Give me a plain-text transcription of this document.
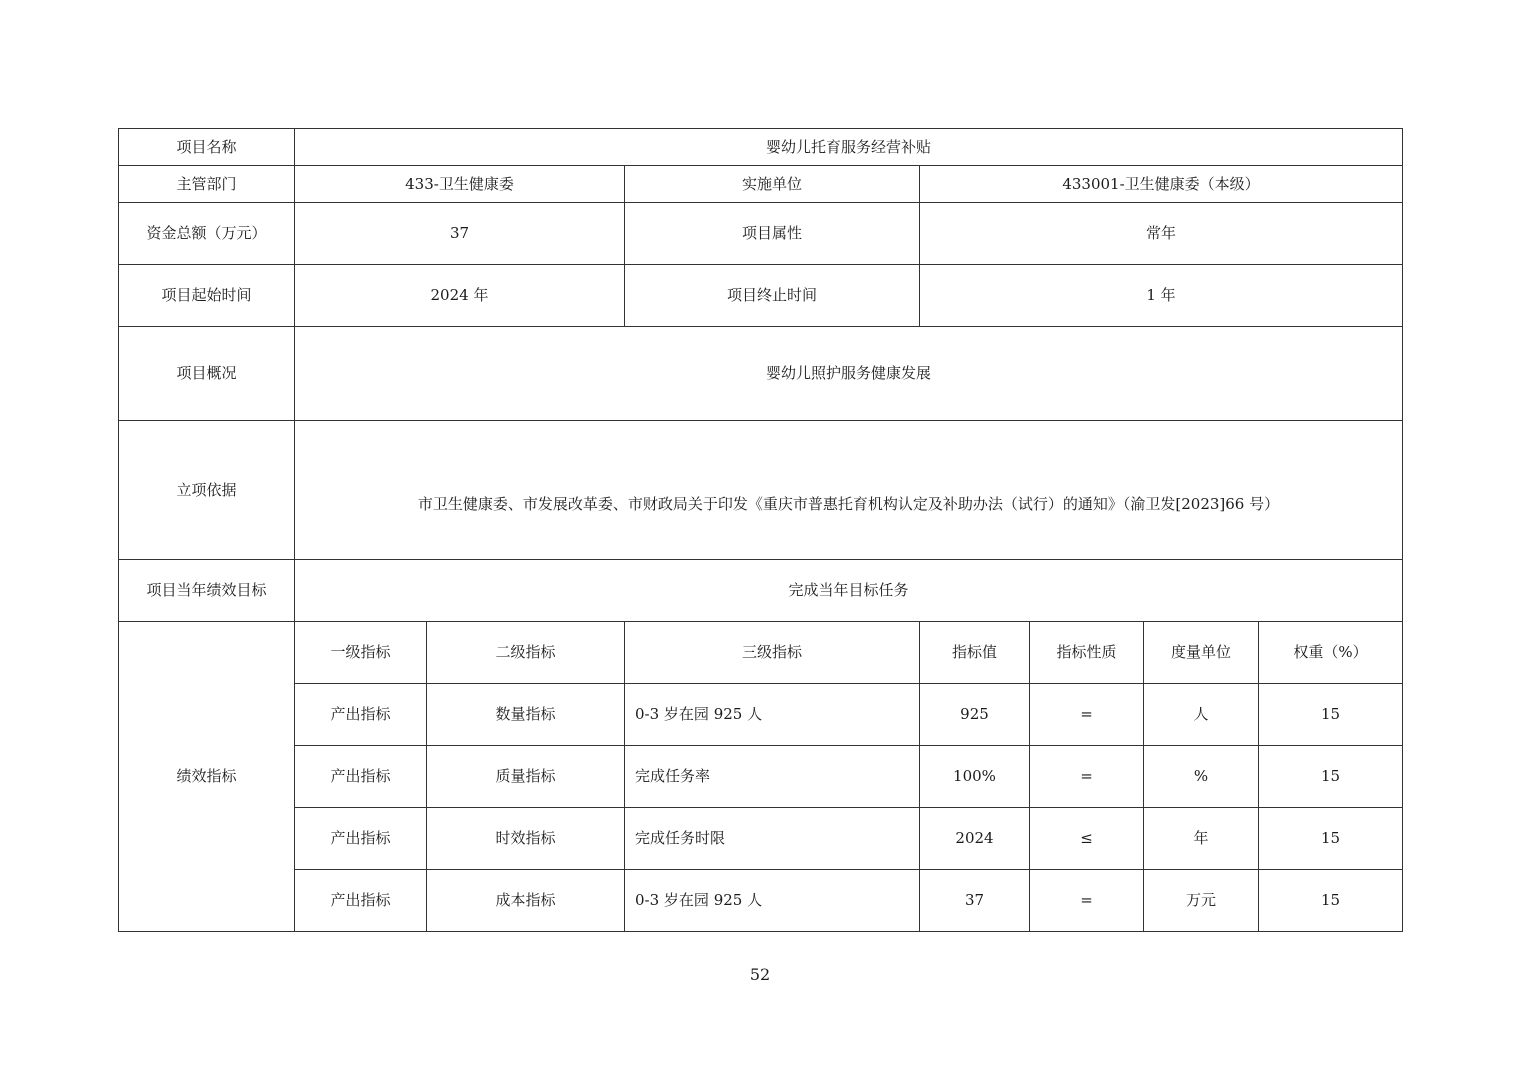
项目名称	婴幼儿托育服务经营补贴						
主管部门	433-卫生健康委		实施单位	433001-卫生健康委（本级）			
资金总额（万元）	37		项目属性	常年			
项目起始时间	2024 年		项目终止时间	1 年			
项目概况	婴幼儿照护服务健康发展						
立项依据	市卫生健康委、市发展改革委、市财政局关于印发《重庆市普惠托育机构认定及补助办法（试行）的通知》（渝卫发[2023]66 号）						
项目当年绩效目标	完成当年目标任务						
绩效指标	一级指标	二级指标	三级指标	指标值	指标性质	度量单位	权重（%）
	产出指标	数量指标	0-3 岁在园 925 人	925	=	人	15
	产出指标	质量指标	完成任务率	100%	=	%	15
	产出指标	时效指标	完成任务时限	2024	≤	年	15
	产出指标	成本指标	0-3 岁在园 925 人	37	=	万元	15
52
